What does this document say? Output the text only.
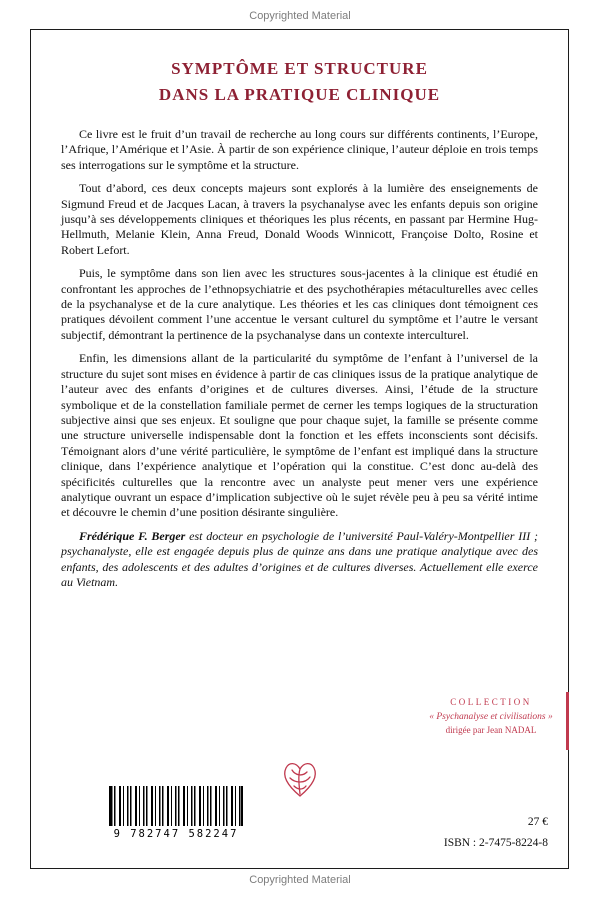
Copyrighted Material
SYMPTÔME ET STRUCTURE
DANS LA PRATIQUE CLINIQUE

Ce livre est le fruit d’un travail de recherche au long cours sur différents continents, l’Europe, l’Afrique, l’Amérique et l’Asie. À partir de son expérience clinique, l’auteur déploie en trois temps ses interrogations sur le symptôme et la structure.

Tout d’abord, ces deux concepts majeurs sont explorés à la lumière des enseignements de Sigmund Freud et de Jacques Lacan, à travers la psychanalyse avec les enfants depuis son origine jusqu’à ses développements cliniques et théoriques les plus récents, en passant par Hermine Hug-Hellmuth, Melanie Klein, Anna Freud, Donald Woods Winnicott, Françoise Dolto, Rosine et Robert Lefort.

Puis, le symptôme dans son lien avec les structures sous-jacentes à la clinique est étudié en confrontant les approches de l’ethnopsychiatrie et des psychothérapies métaculturelles avec celles de la psychanalyse et de la cure analytique. Les théories et les cas cliniques dont témoignent ces pratiques dévoilent comment l’une accentue le versant culturel du symptôme et l’autre le versant subjectif, démontrant la pertinence de la psychanalyse dans un contexte interculturel.

Enfin, les dimensions allant de la particularité du symptôme de l’enfant à l’universel de la structure du sujet sont mises en évidence à partir de cas cliniques issus de la pratique analytique de l’auteur avec des enfants d’origines et de cultures diverses. Ainsi, l’étude de la structure symbolique et de la constellation familiale permet de cerner les temps logiques de la structuration subjective ainsi que ses enjeux. Et souligne que pour chaque sujet, la famille se présente comme une structure universelle indispensable dont la fonction et les effets inconscients sont décisifs. Témoignant alors d’une vérité particulière, le symptôme de l’enfant est impliqué dans la structure clinique, dans l’expérience analytique et l’opération qui la constitue. C’est donc au-delà des spécificités culturelles que la rencontre avec un analyste peut mener vers une expérience analytique ouvrant un espace d’implication subjective où le sujet révèle peu à peu sa vérité intime et découvre le chemin d’une position désirante singulière.

Frédérique F. Berger est docteur en psychologie de l’université Paul-Valéry-Montpellier III ; psychanalyste, elle est engagée depuis plus de quinze ans dans une pratique analytique avec des enfants, des adolescents et des adultes d’origines et de cultures diverses. Actuellement elle exerce au Vietnam.

COLLECTION
« Psychanalyse et civilisations »
dirigée par Jean NADAL
9 782747 582247
27 €
ISBN : 2-7475-8224-8
Copyrighted Material
